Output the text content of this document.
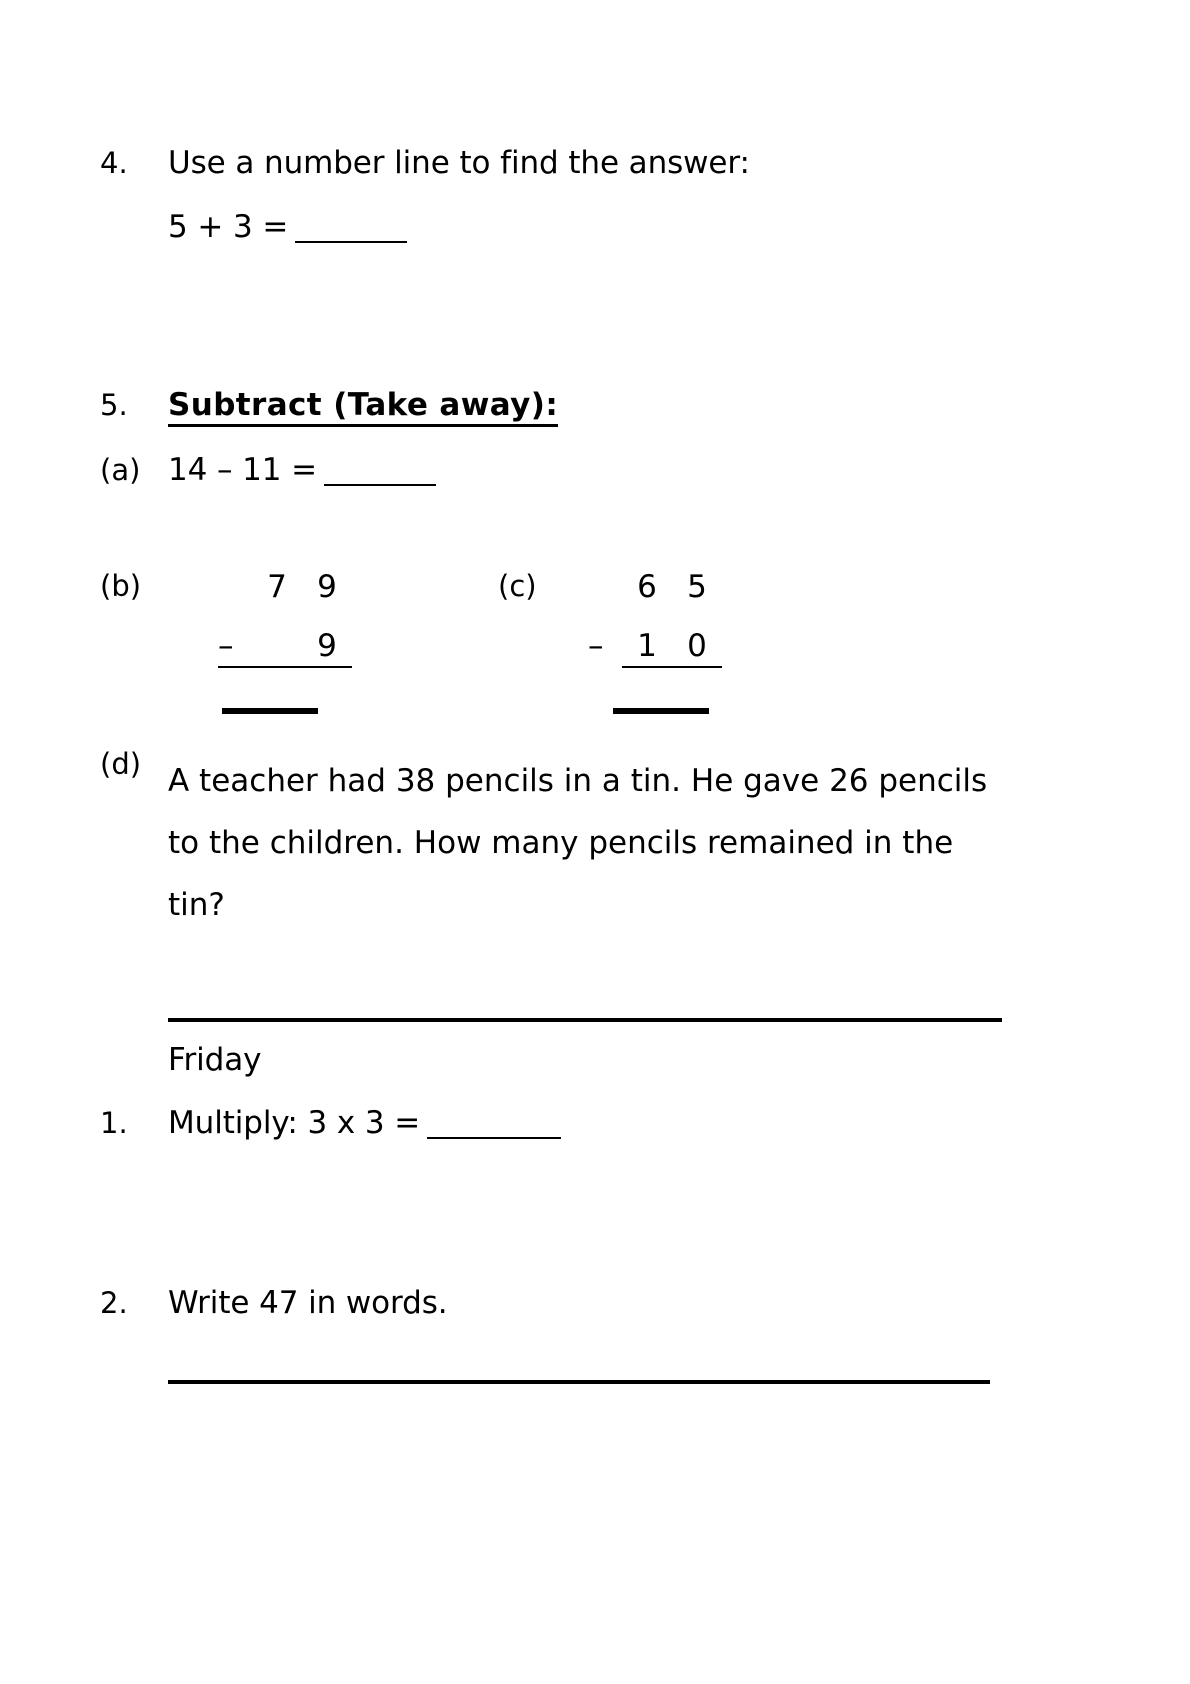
4.	Use a number line to find the answer:
5 + 3 =
5.	Subtract (Take away):
(a) 14 – 11 =
(b)	7 9
–	9
(c)	6 5
–	1 0
(d) A teacher had 38 pencils in a tin. He gave 26 pencils
to the children. How many pencils remained in the
tin?
Friday
1.	Multiply: 3 x 3 =
2.	Write 47 in words.
